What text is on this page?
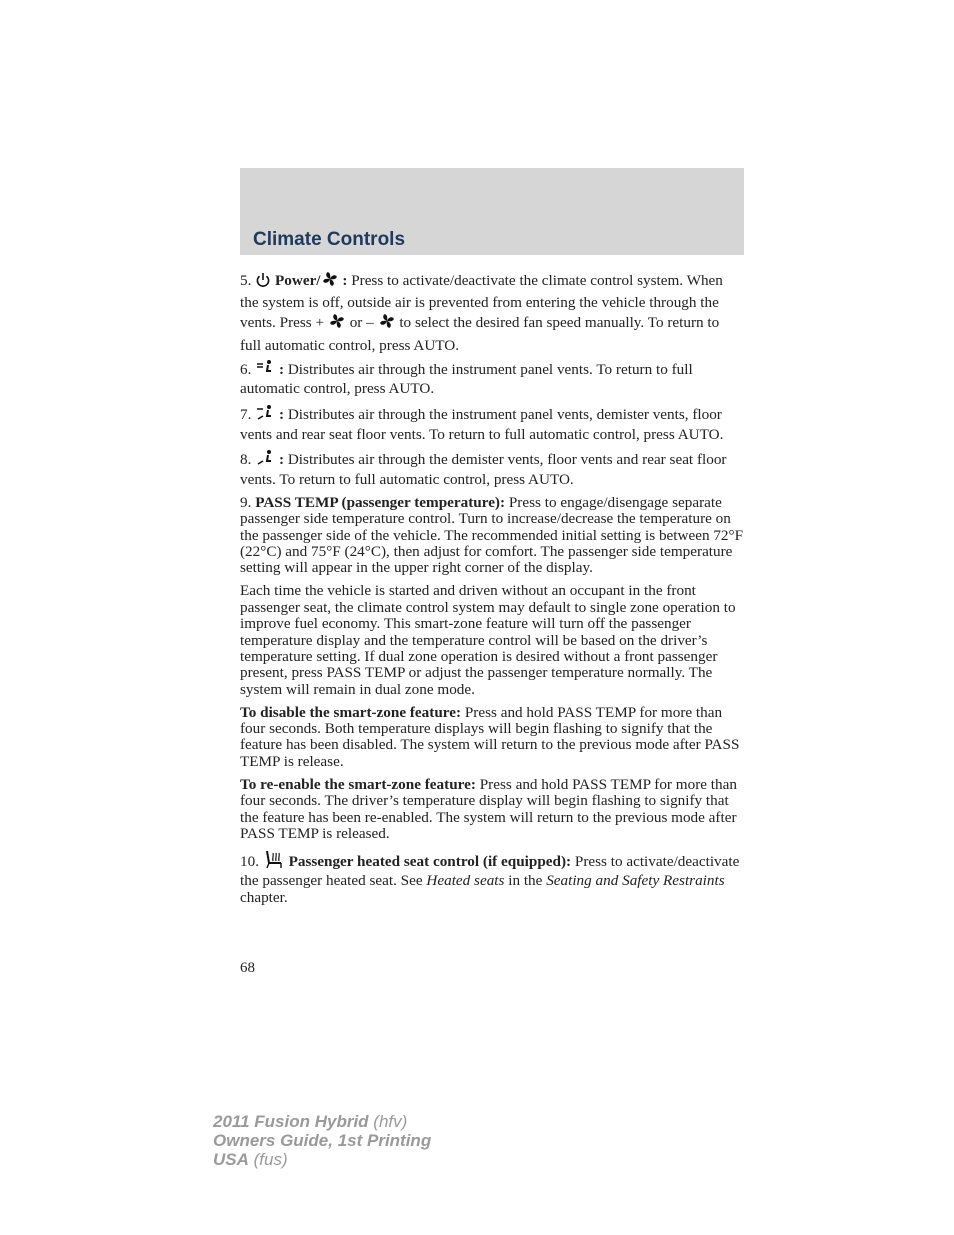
Climate Controls

5. Power/ : Press to activate/deactivate the climate control system. When the system is off, outside air is prevented from entering the vehicle through the vents. Press +  or –  to select the desired fan speed manually. To return to full automatic control, press AUTO.

6. : Distributes air through the instrument panel vents. To return to full automatic control, press AUTO.

7. : Distributes air through the instrument panel vents, demister vents, floor vents and rear seat floor vents. To return to full automatic control, press AUTO.

8. : Distributes air through the demister vents, floor vents and rear seat floor vents. To return to full automatic control, press AUTO.

9. PASS TEMP (passenger temperature): Press to engage/disengage separate passenger side temperature control. Turn to increase/decrease the temperature on the passenger side of the vehicle. The recommended initial setting is between 72°F (22°C) and 75°F (24°C), then adjust for comfort. The passenger side temperature setting will appear in the upper right corner of the display.

Each time the vehicle is started and driven without an occupant in the front passenger seat, the climate control system may default to single zone operation to improve fuel economy. This smart-zone feature will turn off the passenger temperature display and the temperature control will be based on the driver’s temperature setting. If dual zone operation is desired without a front passenger present, press PASS TEMP or adjust the passenger temperature normally. The system will remain in dual zone mode.

To disable the smart-zone feature: Press and hold PASS TEMP for more than four seconds. Both temperature displays will begin flashing to signify that the feature has been disabled. The system will return to the previous mode after PASS TEMP is release.

To re-enable the smart-zone feature: Press and hold PASS TEMP for more than four seconds. The driver’s temperature display will begin flashing to signify that the feature has been re-enabled. The system will return to the previous mode after PASS TEMP is released.

10. Passenger heated seat control (if equipped): Press to activate/deactivate the passenger heated seat. See Heated seats in the Seating and Safety Restraints chapter.

68
2011 Fusion Hybrid (hfv)
Owners Guide, 1st Printing
USA (fus)
